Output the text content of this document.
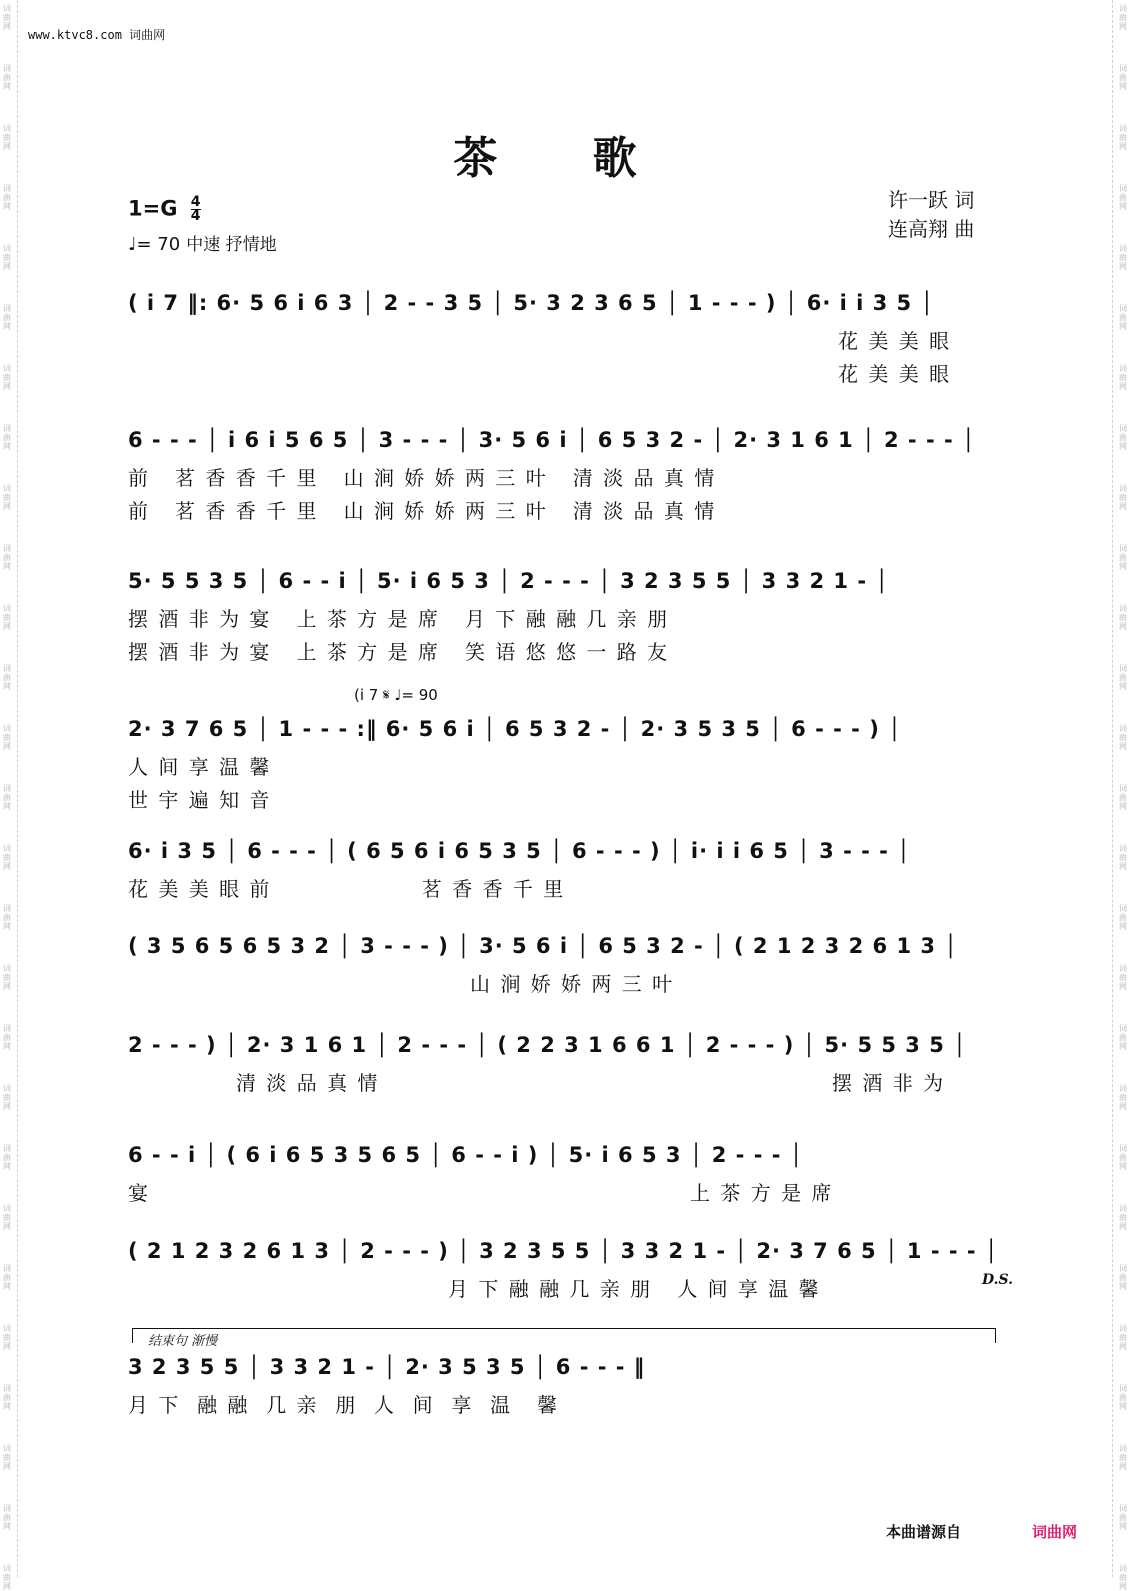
词
曲
网
词
曲
网
词
曲
网
词
曲
网
词
曲
网
词
曲
网
词
曲
网
词
曲
网
词
曲
网
词
曲
网
词
曲
网
词
曲
网
词
曲
网
词
曲
网
词
曲
网
词
曲
网
词
曲
网
词
曲
网
词
曲
网
词
曲
网
词
曲
网
词
曲
网
词
曲
网
词
曲
网
词
曲
网
词
曲
网
词
曲
网
词
曲
网
词
曲
网
词
曲
网
词
曲
网
词
曲
网
词
曲
网
词
曲
网
词
曲
网
词
曲
网
词
曲
网
词
曲
网
词
曲
网
词
曲
网
词
曲
网
词
曲
网
词
曲
网
词
曲
网
词
曲
网
词
曲
网
词
曲
网
词
曲
网
词
曲
网
词
曲
网
词
曲
网
词
曲
网
词
曲
网
词
曲
网
www.ktvc8.com 词曲网
茶 歌
$1=G \frac{4}{4}$
♩= 70 中速 抒情地
许一跃 词
连高翔 曲
( i 7 ‖: 6· 5 6 i 6 3 │ 2 - - 3 5 │ 5· 3 2 3 6 5 │ 1 - - - ) │ 6· i i 3 5 │
花 美 美 眼
花 美 美 眼
6 - - - │ i 6 i 5 6 5 │ 3 - - - │ 3· 5 6 i │ 6 5 3 2 - │ 2· 3 1 6 1 │ 2 - - - │
前   茗 香 香 千 里   山 涧 娇 娇 两 三 叶   清 淡 品 真 情
前   茗 香 香 千 里   山 涧 娇 娇 两 三 叶   清 淡 品 真 情
5· 5 5 3 5 │ 6 - - i │ 5· i 6 5 3 │ 2 - - - │ 3 2 3 5 5 │ 3 3 2 1 - │
摆 酒 非 为 宴   上 茶 方 是 席   月 下 融 融 几 亲 朋
摆 酒 非 为 宴   上 茶 方 是 席   笑 语 悠 悠 一 路 友
2· 3 7 6 5 │ 1 - - - :‖ 6· 5 6 i │ 6 5 3 2 - │ 2· 3 5 3 5 │ 6 - - - ) │
人 间 享 温 馨
世 宇 遍 知 音
6· i 3 5 │ 6 - - - │ ( 6 5 6 i 6 5 3 5 │ 6 - - - ) │ i· i i 6 5 │ 3 - - - │
花 美 美 眼 前                  茗 香 香 千 里
( 3 5 6 5 6 5 3 2 │ 3 - - - ) │ 3· 5 6 i │ 6 5 3 2 - │ ( 2 1 2 3 2 6 1 3 │
山 涧 娇 娇 两 三 叶
2 - - - ) │ 2· 3 1 6 1 │ 2 - - - │ ( 2 2 3 1 6 6 1 │ 2 - - - ) │ 5· 5 5 3 5 │
清 淡 品 真 情	摆 酒 非 为
6 - - i │ ( 6 i 6 5 3 5 6 5 │ 6 - - i ) │ 5· i 6 5 3 │ 2 - - - │
宴	上 茶 方 是 席
( 2 1 2 3 2 6 1 3 │ 2 - - - ) │ 3 2 3 5 5 │ 3 3 2 1 - │ 2· 3 7 6 5 │ 1 - - - │
月 下 融 融 几 亲 朋   人 间 享 温 馨
3 2 3 5 5 │ 3 3 2 1 - │ 2· 3 5 3 5 │ 6 - - - ‖
月 下  融 融  几 亲  朋  人  间  享  温   馨
(i 7 𝄋 ♩= 90
D.S.
结束句 渐慢
本曲谱源自	词曲网
